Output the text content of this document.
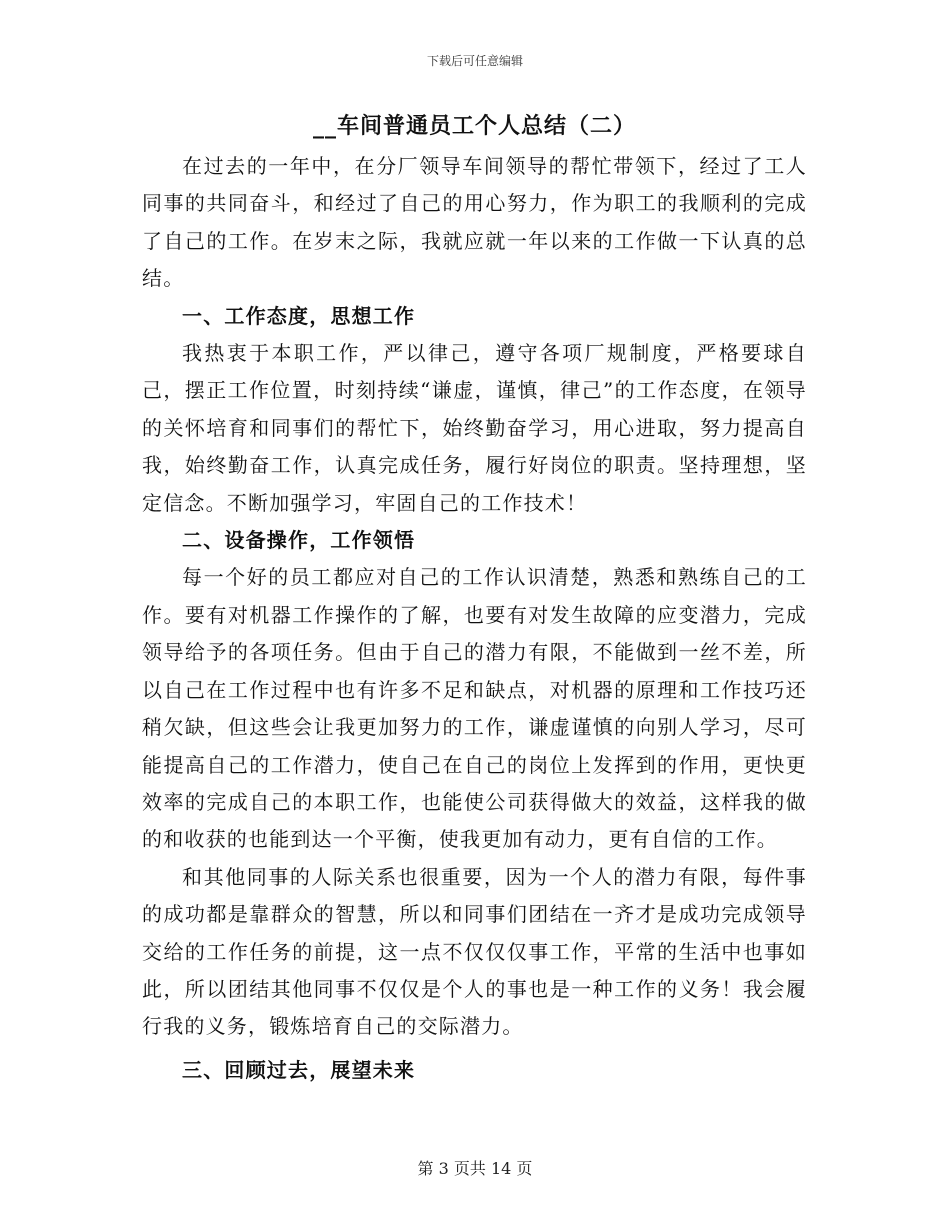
下载后可任意编辑
__车间普通员工个人总结（二）

在过去的一年中，在分厂领导车间领导的帮忙带领下，经过了工人同事的共同奋斗，和经过了自己的用心努力，作为职工的我顺利的完成了自己的工作。在岁末之际，我就应就一年以来的工作做一下认真的总结。

一、工作态度，思想工作

我热衷于本职工作，严以律己，遵守各项厂规制度，严格要球自己，摆正工作位置，时刻持续“谦虚，谨慎，律己”的工作态度，在领导的关怀培育和同事们的帮忙下，始终勤奋学习，用心进取，努力提高自我，始终勤奋工作，认真完成任务，履行好岗位的职责。坚持理想，坚定信念。不断加强学习，牢固自己的工作技术！

二、设备操作，工作领悟

每一个好的员工都应对自己的工作认识清楚，熟悉和熟练自己的工作。要有对机器工作操作的了解，也要有对发生故障的应变潜力，完成领导给予的各项任务。但由于自己的潜力有限，不能做到一丝不差，所以自己在工作过程中也有许多不足和缺点，对机器的原理和工作技巧还稍欠缺，但这些会让我更加努力的工作，谦虚谨慎的向别人学习，尽可能提高自己的工作潜力，使自己在自己的岗位上发挥到的作用，更快更效率的完成自己的本职工作，也能使公司获得做大的效益，这样我的做的和收获的也能到达一个平衡，使我更加有动力，更有自信的工作。

和其他同事的人际关系也很重要，因为一个人的潜力有限，每件事的成功都是靠群众的智慧，所以和同事们团结在一齐才是成功完成领导交给的工作任务的前提，这一点不仅仅仅事工作，平常的生活中也事如此，所以团结其他同事不仅仅是个人的事也是一种工作的义务！我会履行我的义务，锻炼培育自己的交际潜力。

三、回顾过去，展望未来

第 3 页共 14 页
